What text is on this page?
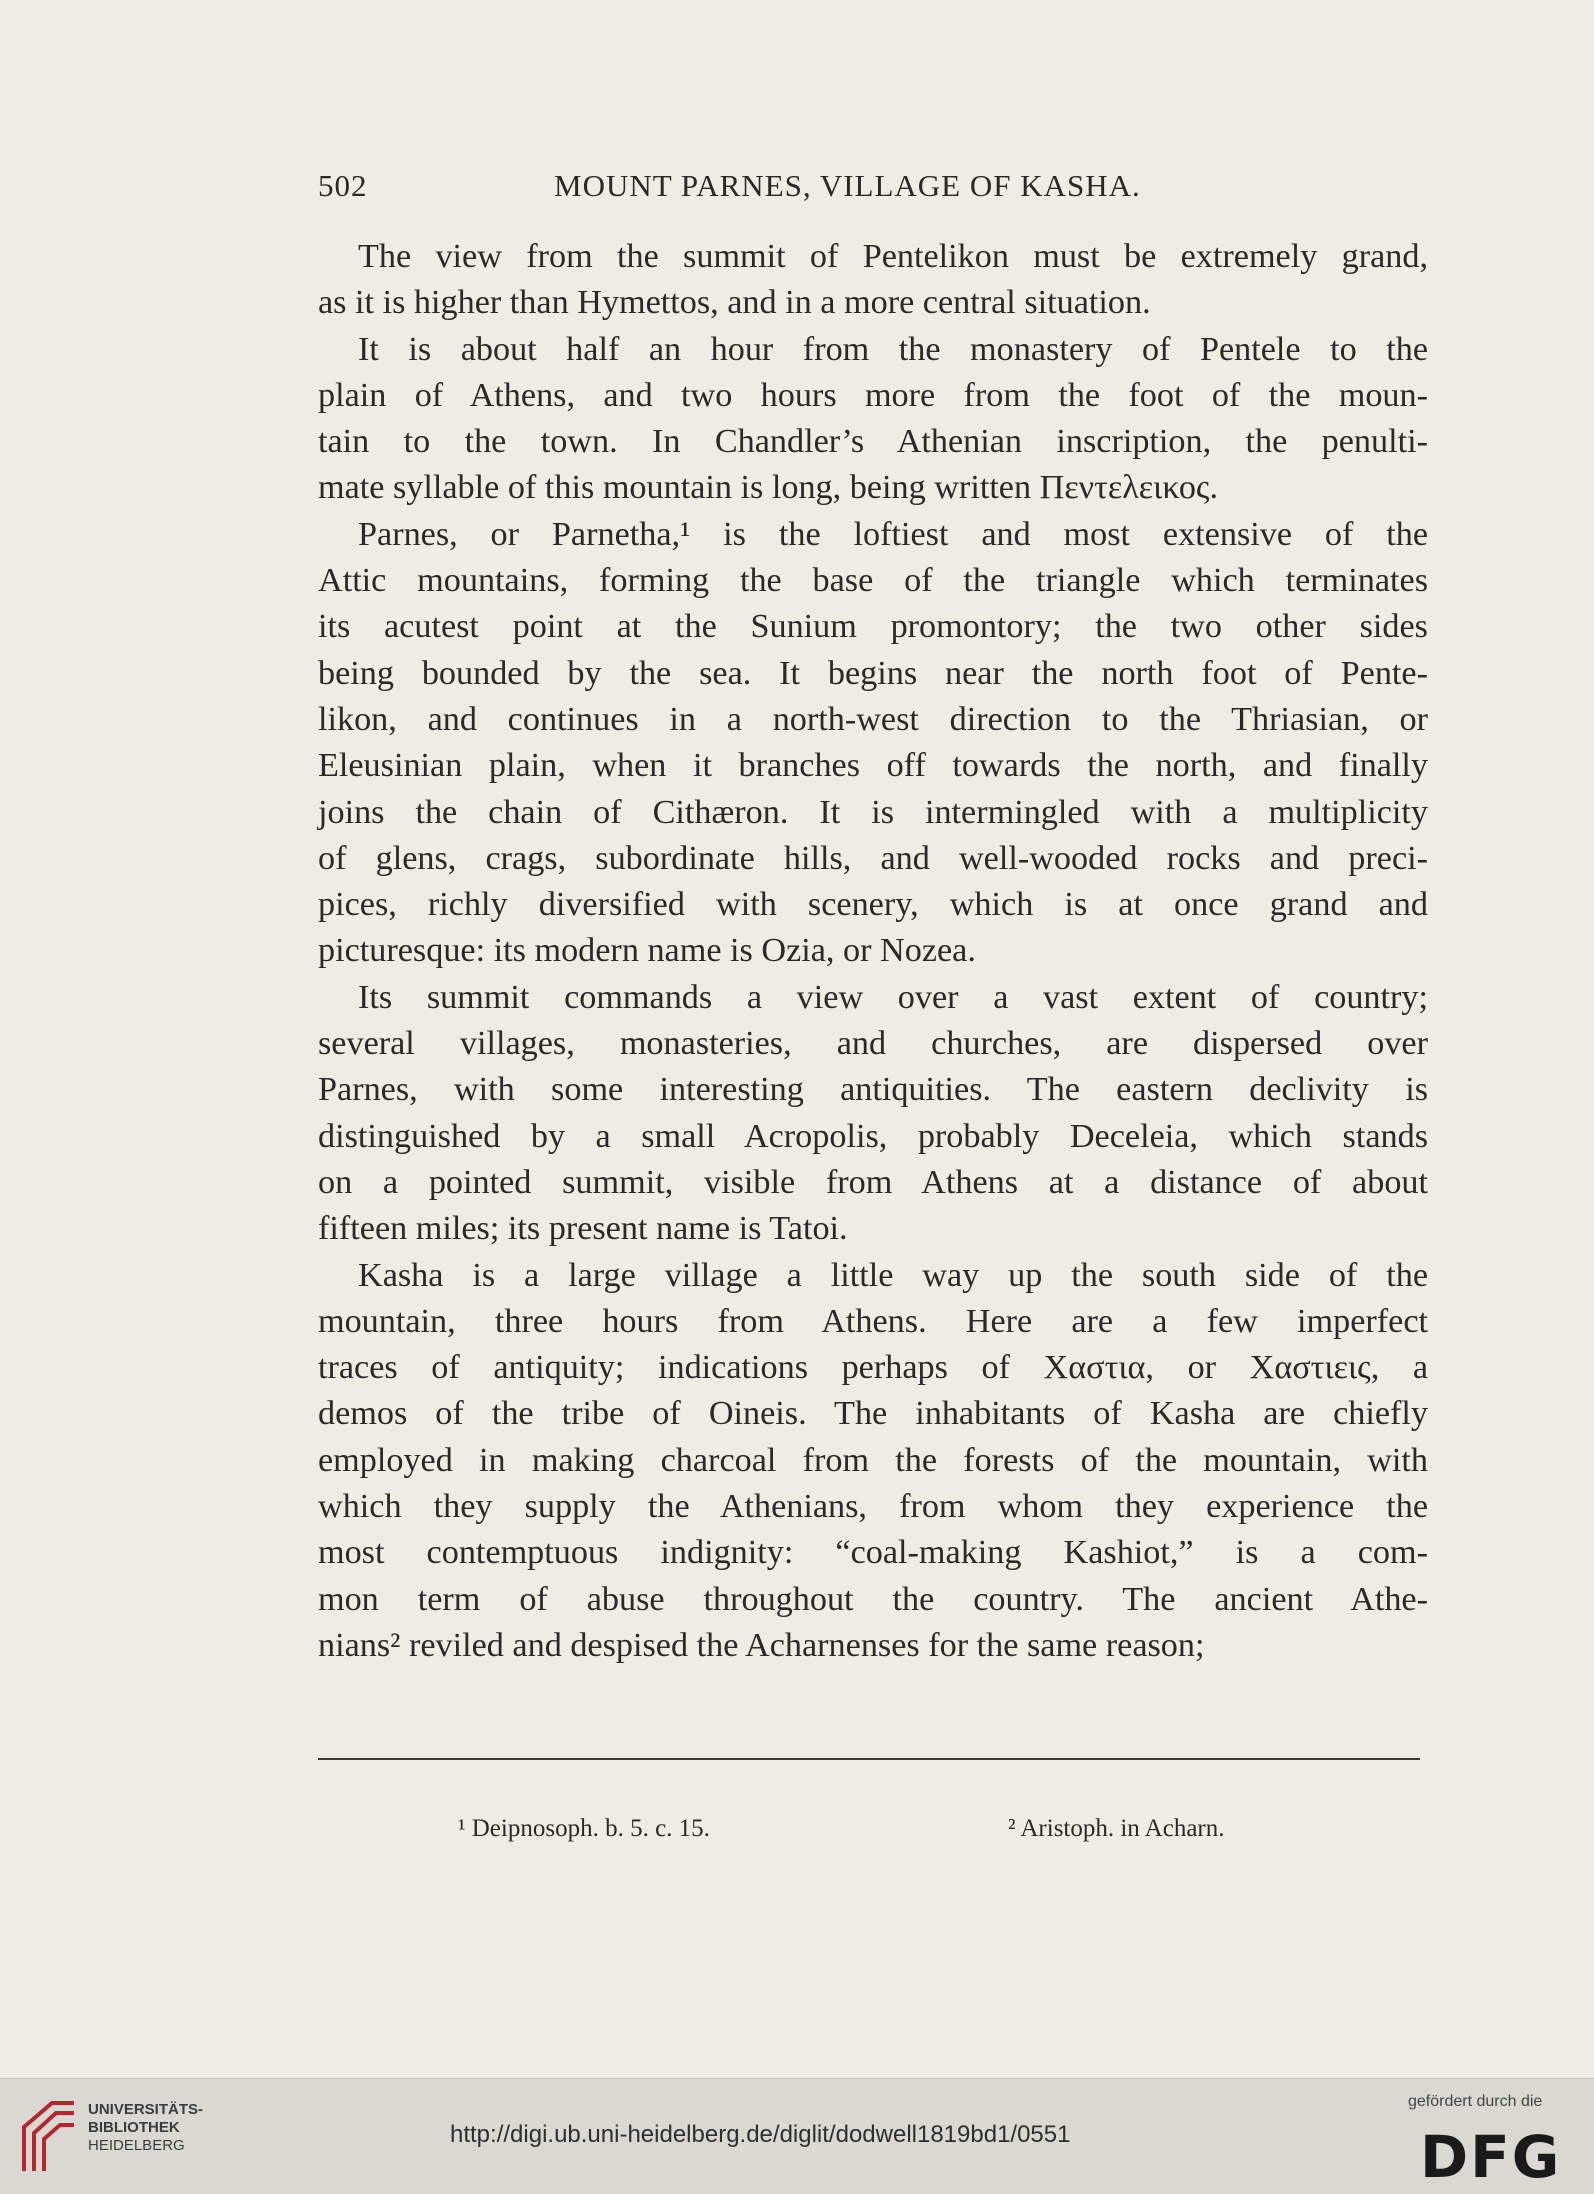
502	MOUNT PARNES, VILLAGE OF KASHA.
The view from the summit of Pentelikon must be extremely grand,
as it is higher than Hymettos, and in a more central situation.
It is about half an hour from the monastery of Pentele to the
plain of Athens, and two hours more from the foot of the moun-
tain to the town. In Chandler’s Athenian inscription, the penulti-
mate syllable of this mountain is long, being written Πεντελεικος.
Parnes, or Parnetha,¹ is the loftiest and most extensive of the
Attic mountains, forming the base of the triangle which terminates
its acutest point at the Sunium promontory; the two other sides
being bounded by the sea. It begins near the north foot of Pente-
likon, and continues in a north-west direction to the Thriasian, or
Eleusinian plain, when it branches off towards the north, and finally
joins the chain of Cithæron. It is intermingled with a multiplicity
of glens, crags, subordinate hills, and well-wooded rocks and preci-
pices, richly diversified with scenery, which is at once grand and
picturesque: its modern name is Ozia, or Nozea.
Its summit commands a view over a vast extent of country;
several villages, monasteries, and churches, are dispersed over
Parnes, with some interesting antiquities. The eastern declivity is
distinguished by a small Acropolis, probably Deceleia, which stands
on a pointed summit, visible from Athens at a distance of about
fifteen miles; its present name is Tatoi.
Kasha is a large village a little way up the south side of the
mountain, three hours from Athens. Here are a few imperfect
traces of antiquity; indications perhaps of Χαστια, or Χαστιεις, a
demos of the tribe of Oineis. The inhabitants of Kasha are chiefly
employed in making charcoal from the forests of the mountain, with
which they supply the Athenians, from whom they experience the
most contemptuous indignity: “coal-making Kashiot,” is a com-
mon term of abuse throughout the country. The ancient Athe-
nians² reviled and despised the Acharnenses for the same reason;
¹ Deipnosoph. b. 5. c. 15.	² Aristoph. in Acharn.
UNIVERSITÄTS-
BIBLIOTHEK
HEIDELBERG	http://digi.ub.uni-heidelberg.de/diglit/dodwell1819bd1/0551
gefördert durch die
DFG
